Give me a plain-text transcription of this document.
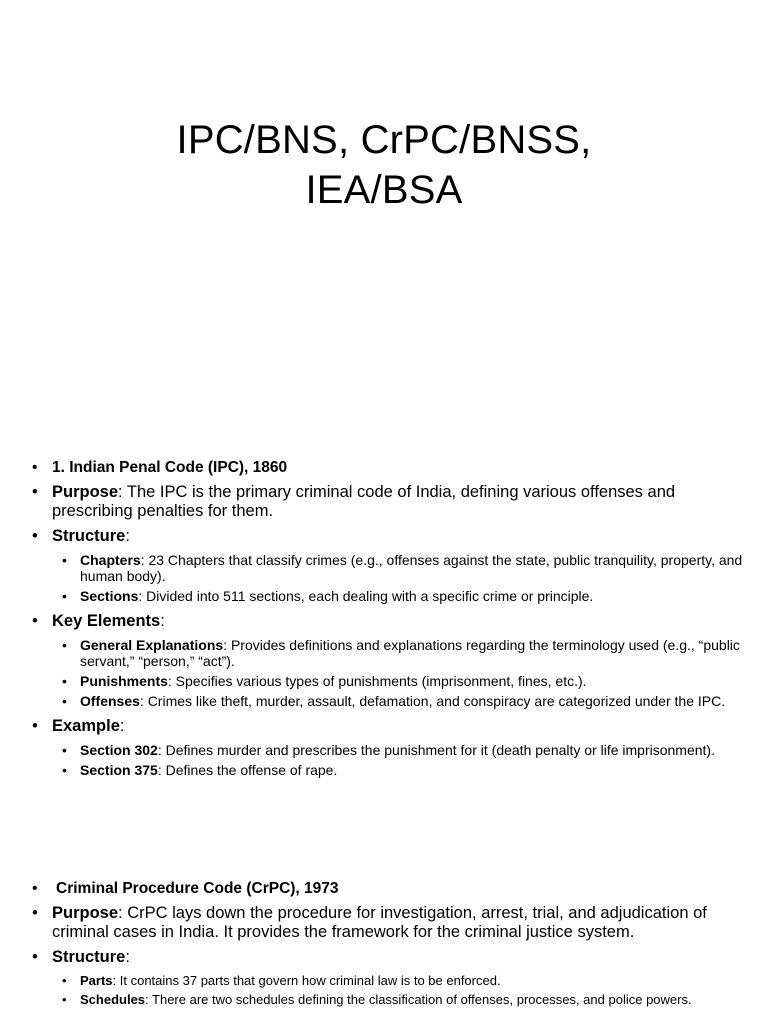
IPC/BNS, CrPC/BNSS,
IEA/BSA
• 1. Indian Penal Code (IPC), 1860
• Purpose: The IPC is the primary criminal code of India, defining various offenses and prescribing penalties for them.
• Structure:
• Chapters: 23 Chapters that classify crimes (e.g., offenses against the state, public tranquility, property, and human body).
• Sections: Divided into 511 sections, each dealing with a specific crime or principle.
• Key Elements:
• General Explanations: Provides definitions and explanations regarding the terminology used (e.g., “public servant,” “person,” “act”).
• Punishments: Specifies various types of punishments (imprisonment, fines, etc.).
• Offenses: Crimes like theft, murder, assault, defamation, and conspiracy are categorized under the IPC.
• Example:
• Section 302: Defines murder and prescribes the punishment for it (death penalty or life imprisonment).
• Section 375: Defines the offense of rape.
• Criminal Procedure Code (CrPC), 1973
• Purpose: CrPC lays down the procedure for investigation, arrest, trial, and adjudication of criminal cases in India. It provides the framework for the criminal justice system.
• Structure:
• Parts: It contains 37 parts that govern how criminal law is to be enforced.
• Schedules: There are two schedules defining the classification of offenses, processes, and police powers.
